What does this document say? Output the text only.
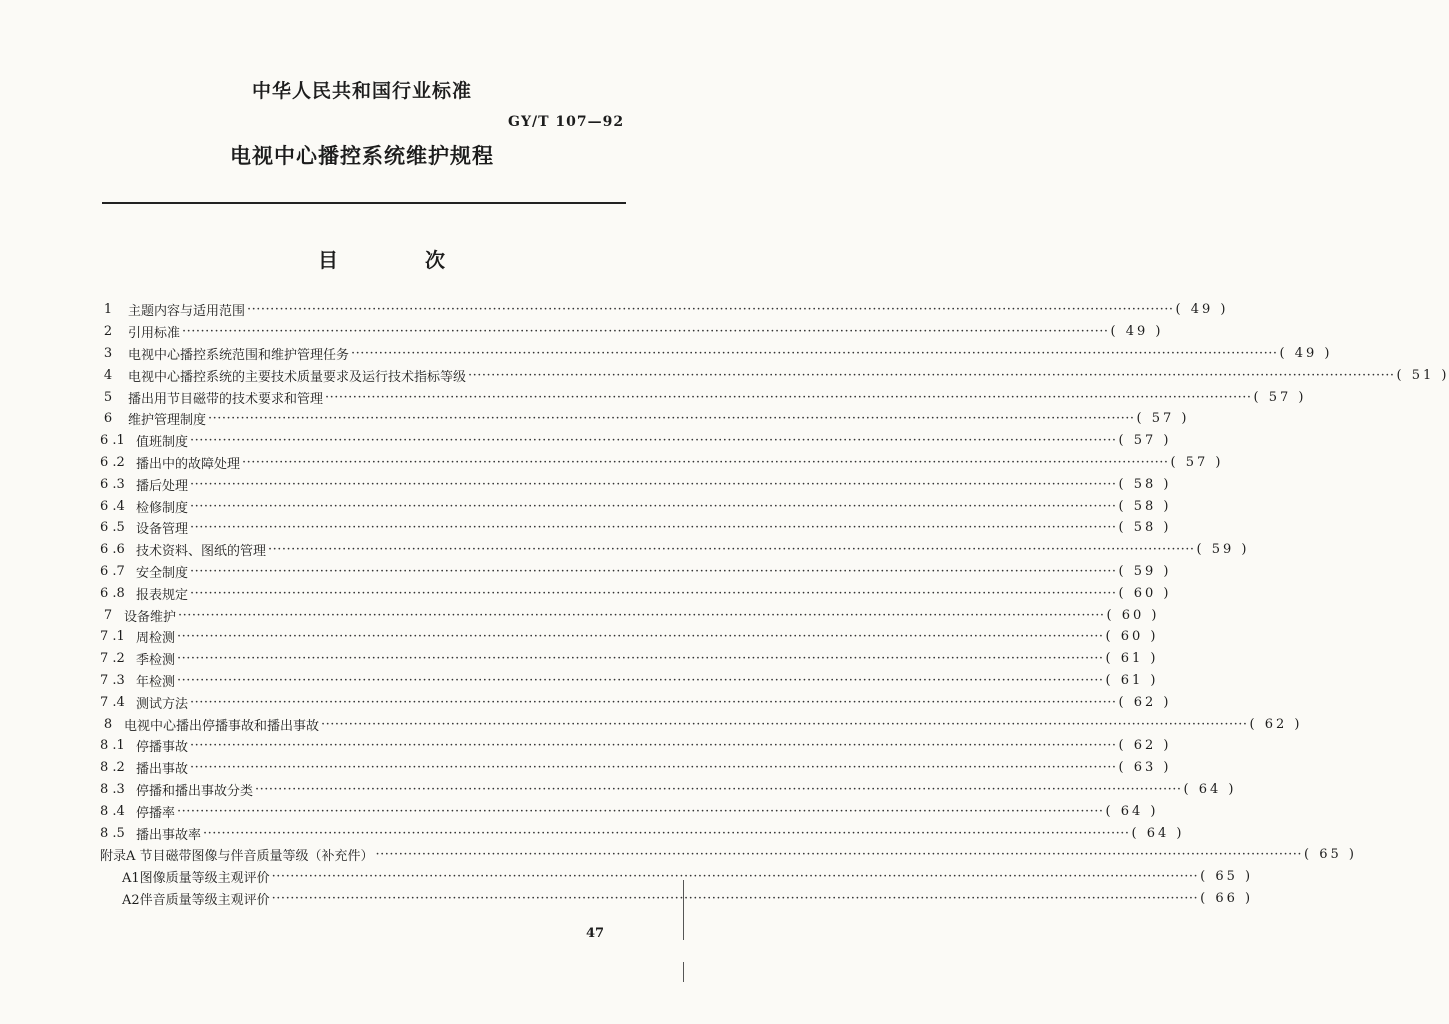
中华人民共和国行业标准
GY/T 107—92
电视中心播控系统维护规程
目 次
1	主题内容与适用范围 ········································································································································································································ ( 49 )
2	引用标准 ········································································································································································································ ( 49 )
3	电视中心播控系统范围和维护管理任务 ········································································································································································································ ( 49 )
4	电视中心播控系统的主要技术质量要求及运行技术指标等级 ········································································································································································································ ( 51 )
5	播出用节目磁带的技术要求和管理 ········································································································································································································ ( 57 )
6	维护管理制度 ········································································································································································································ ( 57 )
6 .1 值班制度 ········································································································································································································ ( 57 )
6 .2 播出中的故障处理 ········································································································································································································ ( 57 )
6 .3 播后处理 ········································································································································································································ ( 58 )
6 .4 检修制度 ········································································································································································································ ( 58 )
6 .5 设备管理 ········································································································································································································ ( 58 )
6 .6 技术资料、图纸的管理 ········································································································································································································ ( 59 )
6 .7 安全制度 ········································································································································································································ ( 59 )
6 .8 报表规定 ········································································································································································································ ( 60 )
7 设备维护 ········································································································································································································ ( 60 )
7 .1 周检测 ········································································································································································································ ( 60 )
7 .2 季检测 ········································································································································································································ ( 61 )
7 .3 年检测 ········································································································································································································ ( 61 )
7 .4 测试方法 ········································································································································································································ ( 62 )
8 电视中心播出停播事故和播出事故 ········································································································································································································ ( 62 )
8 .1 停播事故 ········································································································································································································ ( 62 )
8 .2 播出事故 ········································································································································································································ ( 63 )
8 .3 停播和播出事故分类 ········································································································································································································ ( 64 )
8 .4 停播率 ········································································································································································································ ( 64 )
8 .5 播出事故率 ········································································································································································································ ( 64 )
附录A 节目磁带图像与伴音质量等级（补充件） ········································································································································································································ ( 65 )
A1图像质量等级主观评价 ········································································································································································································ ( 65 )
A2伴音质量等级主观评价 ········································································································································································································ ( 66 )
47
